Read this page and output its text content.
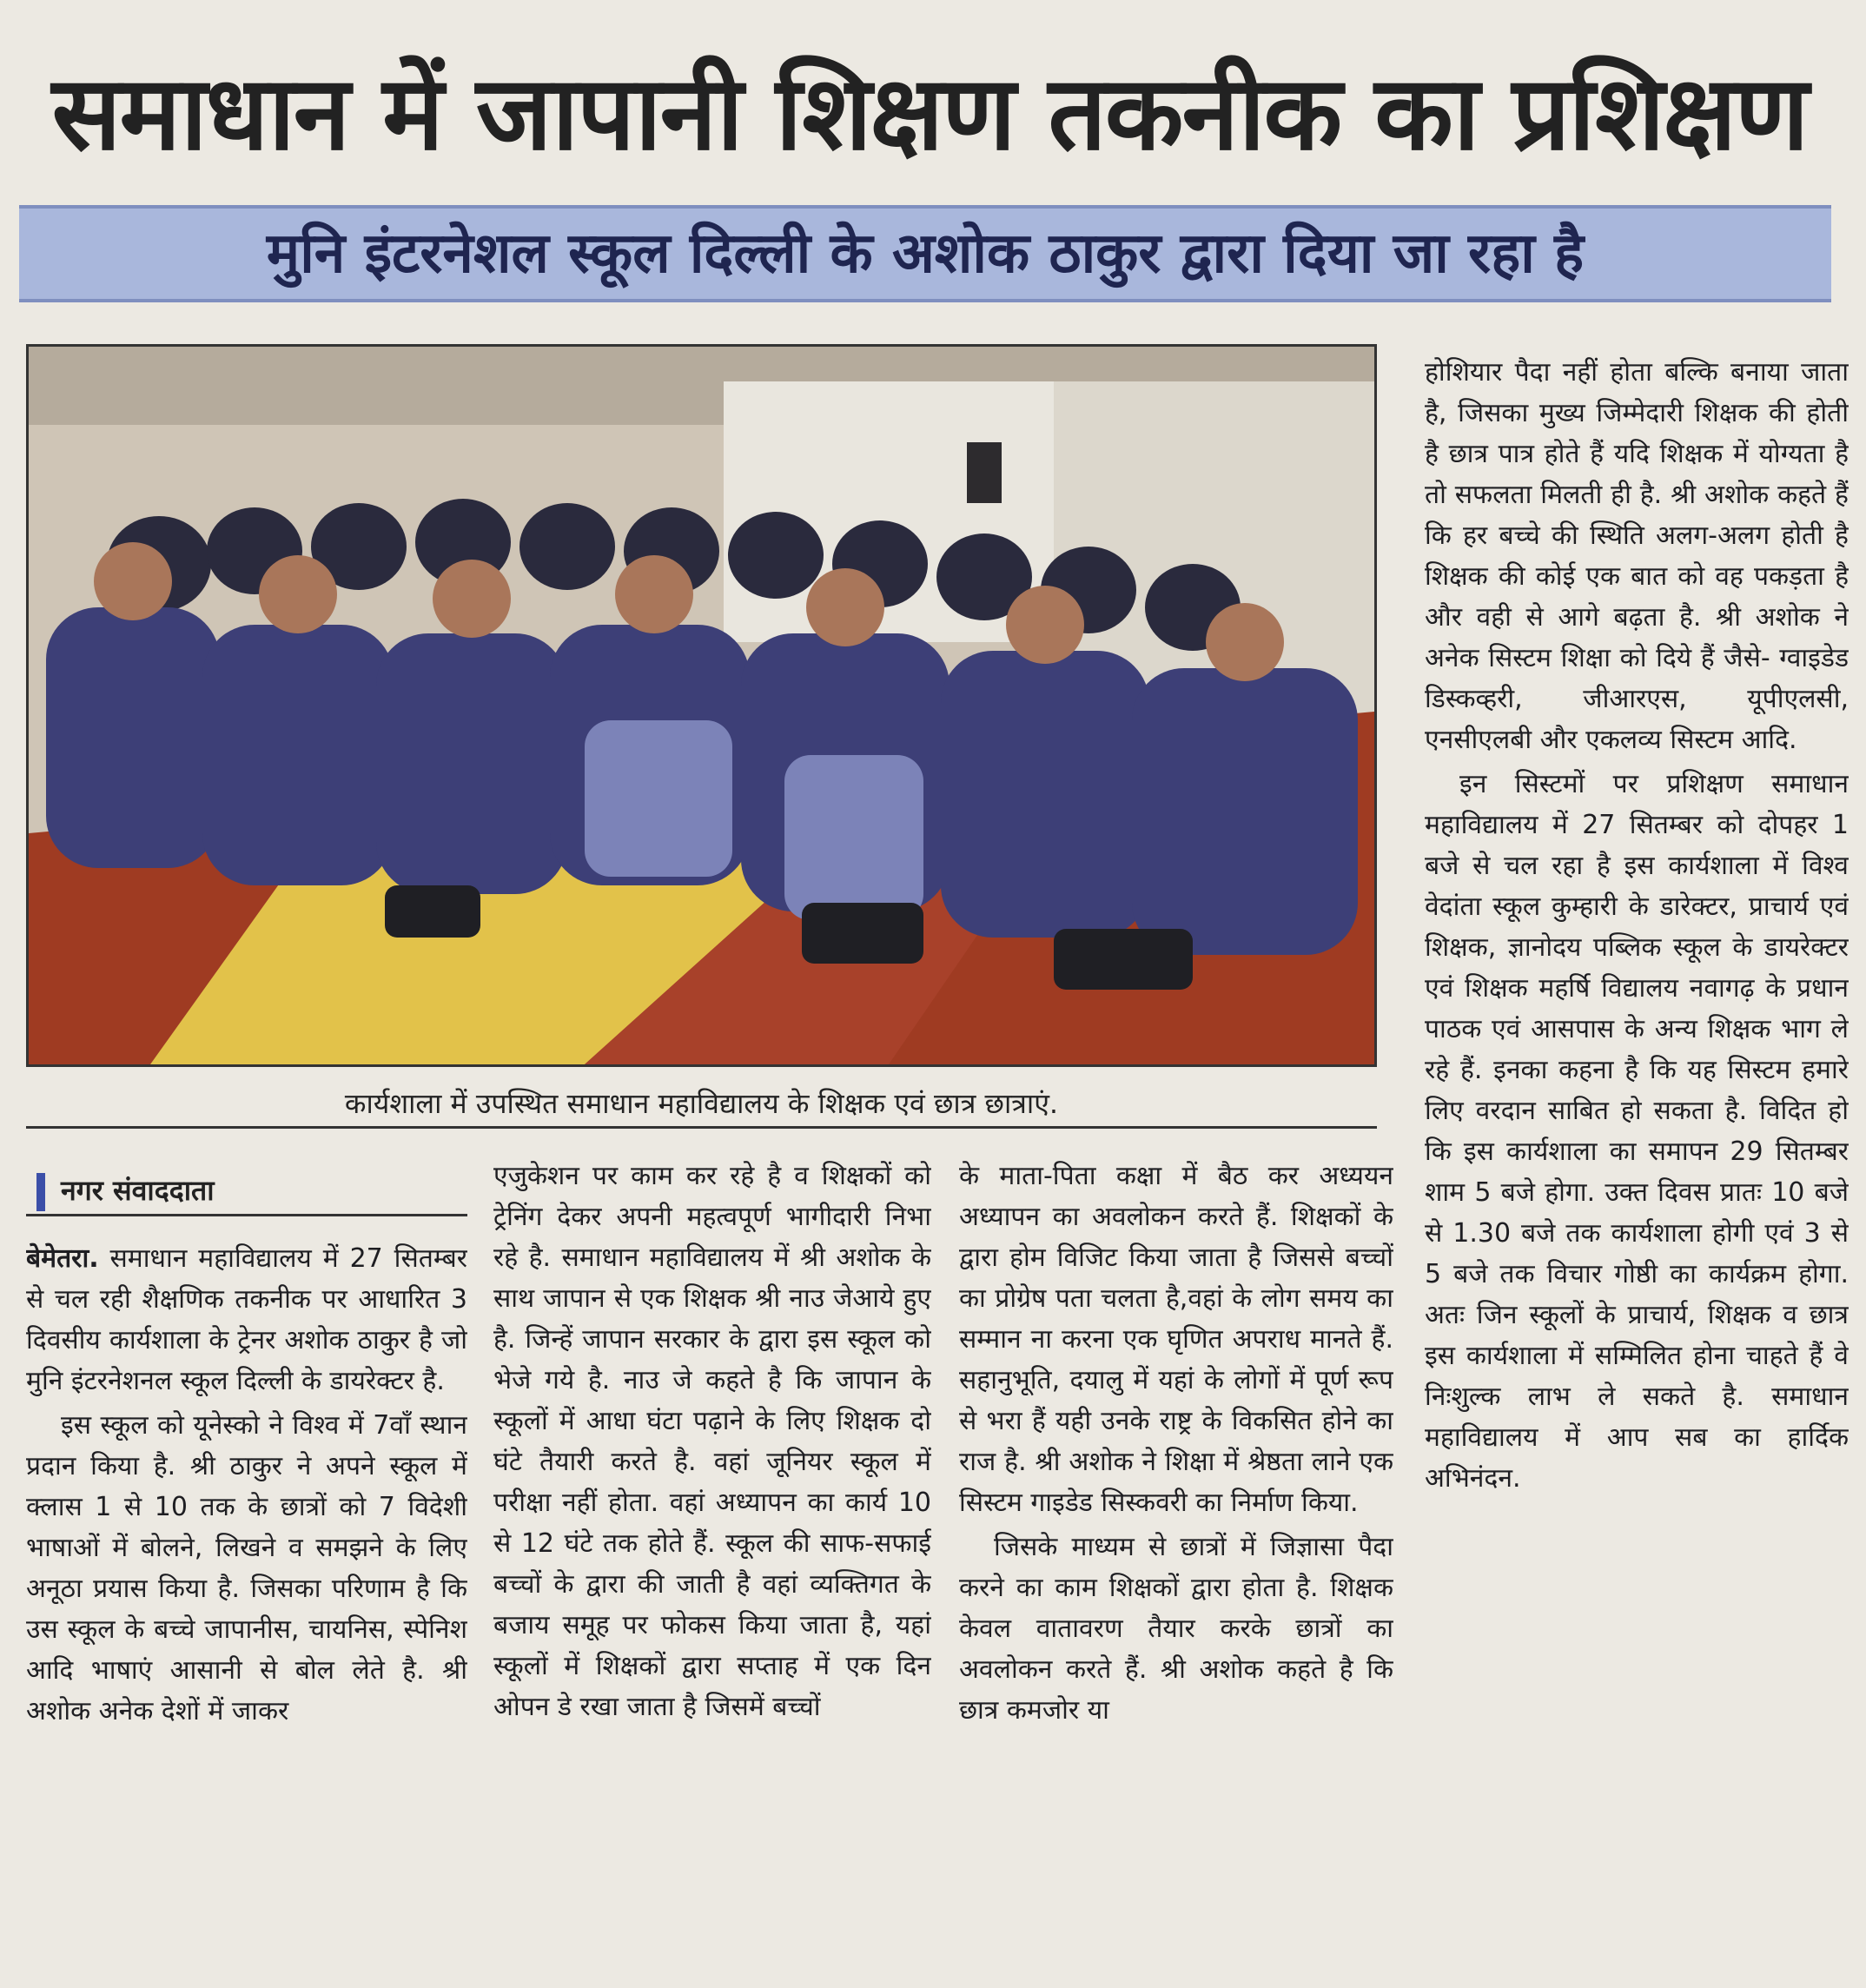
समाधान में जापानी शिक्षण तकनीक का प्रशिक्षण
मुनि इंटरनेशल स्कूल दिल्ली के अशोक ठाकुर द्वारा दिया जा रहा है
कार्यशाला में उपस्थित समाधान महाविद्यालय के शिक्षक एवं छात्र छात्राएं.
नगर संवाददाता

बेमेतरा. समाधान महाविद्यालय में 27 सितम्बर से चल रही शैक्षणिक तकनीक पर आधारित 3 दिवसीय कार्यशाला के ट्रेनर अशोक ठाकुर है जो मुनि इंटरनेशनल स्कूल दिल्ली के डायरेक्टर है.

इस स्कूल को यूनेस्को ने विश्व में 7वॉं स्थान प्रदान किया है. श्री ठाकुर ने अपने स्कूल में क्लास 1 से 10 तक के छात्रों को 7 विदेशी भाषाओं में बोलने, लिखने व समझने के लिए अनूठा प्रयास किया है. जिसका परिणाम है कि उस स्कूल के बच्चे जापानीस, चायनिस, स्पेनिश आदि भाषाएं आसानी से बोल लेते है. श्री अशोक अनेक देशों में जाकर

एजुकेशन पर काम कर रहे है व शिक्षकों को ट्रेनिंग देकर अपनी महत्वपूर्ण भागीदारी निभा रहे है. समाधान महाविद्यालय में श्री अशोक के साथ जापान से एक शिक्षक श्री नाउ जेआये हुए है. जिन्हें जापान सरकार के द्वारा इस स्कूल को भेजे गये है. नाउ जे कहते है कि जापान के स्कूलों में आधा घंटा पढ़ाने के लिए शिक्षक दो घंटे तैयारी करते है. वहां जूनियर स्कूल में परीक्षा नहीं होता. वहां अध्यापन का कार्य 10 से 12 घंटे तक होते हैं. स्कूल की साफ-सफाई बच्चों के द्वारा की जाती है वहां व्यक्तिगत के बजाय समूह पर फोकस किया जाता है, यहां स्कूलों में शिक्षकों द्वारा सप्ताह में एक दिन ओपन डे रखा जाता है जिसमें बच्चों

के माता-पिता कक्षा में बैठ कर अध्ययन अध्यापन का अवलोकन करते हैं. शिक्षकों के द्वारा होम विजिट किया जाता है जिससे बच्चों का प्रोग्रेष पता चलता है,वहां के लोग समय का सम्मान ना करना एक घृणित अपराध मानते हैं. सहानुभूति, दयालु में यहां के लोगों में पूर्ण रूप से भरा हैं यही उनके राष्ट्र के विकसित होने का राज है. श्री अशोक ने शिक्षा में श्रेष्ठता लाने एक सिस्टम गाइडेड सिस्कवरी का निर्माण किया.

जिसके माध्यम से छात्रों में जिज्ञासा पैदा करने का काम शिक्षकों द्वारा होता है. शिक्षक केवल वातावरण तैयार करके छात्रों का अवलोकन करते हैं. श्री अशोक कहते है कि छात्र कमजोर या

होशियार पैदा नहीं होता बल्कि बनाया जाता है, जिसका मुख्य जिम्मेदारी शिक्षक की होती है छात्र पात्र होते हैं यदि शिक्षक में योग्यता है तो सफलता मिलती ही है. श्री अशोक कहते हैं कि हर बच्चे की स्थिति अलग-अलग होती है शिक्षक की कोई एक बात को वह पकड़ता है और वही से आगे बढ़ता है. श्री अशोक ने अनेक सिस्टम शिक्षा को दिये हैं जैसे- ग्वाइडेड डिस्कव्हरी, जीआरएस, यूपीएलसी, एनसीएलबी और एकलव्य सिस्टम आदि.

इन सिस्टमों पर प्रशिक्षण समाधान महाविद्यालय में 27 सितम्बर को दोपहर 1 बजे से चल रहा है इस कार्यशाला में विश्व वेदांता स्कूल कुम्हारी के डारेक्टर, प्राचार्य एवं शिक्षक, ज्ञानोदय पब्लिक स्कूल के डायरेक्टर एवं शिक्षक महर्षि विद्यालय नवागढ़ के प्रधान पाठक एवं आसपास के अन्य शिक्षक भाग ले रहे हैं. इनका कहना है कि यह सिस्टम हमारे लिए वरदान साबित हो सकता है. विदित हो कि इस कार्यशाला का समापन 29 सितम्बर शाम 5 बजे होगा. उक्त दिवस प्रातः 10 बजे से 1.30 बजे तक कार्यशाला होगी एवं 3 से 5 बजे तक विचार गोष्ठी का कार्यक्रम होगा. अतः जिन स्कूलों के प्राचार्य, शिक्षक व छात्र इस कार्यशाला में सम्मिलित होना चाहते हैं वे निःशुल्क लाभ ले सकते है. समाधान महाविद्यालय में आप सब का हार्दिक अभिनंदन.
